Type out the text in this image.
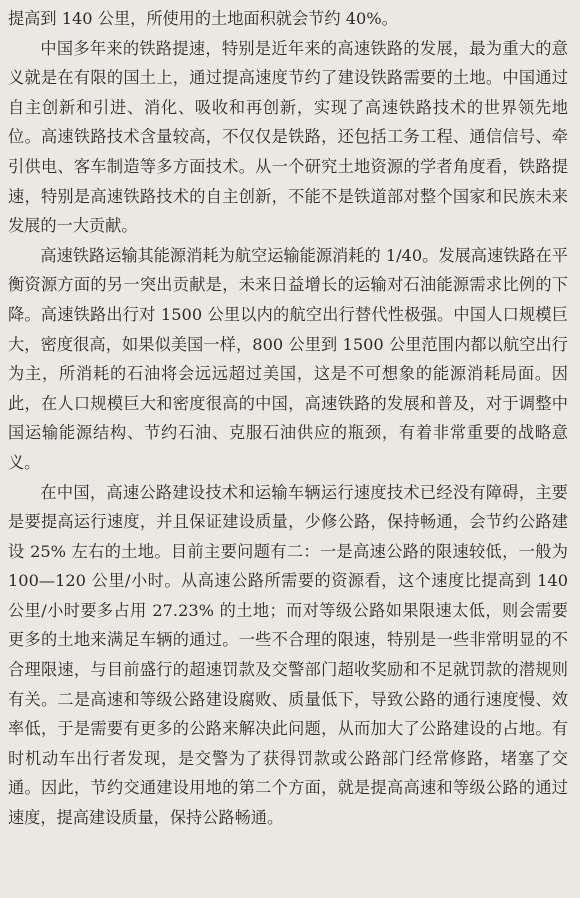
提高到 140 公里，所使用的土地面积就会节约 40%。

中国多年来的铁路提速，特别是近年来的高速铁路的发展，最为重大的意义就是在有限的国土上，通过提高速度节约了建设铁路需要的土地。中国通过自主创新和引进、消化、吸收和再创新，实现了高速铁路技术的世界领先地位。高速铁路技术含量较高，不仅仅是铁路，还包括工务工程、通信信号、牵引供电、客车制造等多方面技术。从一个研究土地资源的学者角度看，铁路提速，特别是高速铁路技术的自主创新，不能不是铁道部对整个国家和民族未来发展的一大贡献。

高速铁路运输其能源消耗为航空运输能源消耗的 1/40。发展高速铁路在平衡资源方面的另一突出贡献是，未来日益增长的运输对石油能源需求比例的下降。高速铁路出行对 1500 公里以内的航空出行替代性极强。中国人口规模巨大，密度很高，如果似美国一样，800 公里到 1500 公里范围内都以航空出行为主，所消耗的石油将会远远超过美国，这是不可想象的能源消耗局面。因此，在人口规模巨大和密度很高的中国，高速铁路的发展和普及，对于调整中国运输能源结构、节约石油、克服石油供应的瓶颈，有着非常重要的战略意义。

在中国，高速公路建设技术和运输车辆运行速度技术已经没有障碍，主要是要提高运行速度，并且保证建设质量，少修公路，保持畅通，会节约公路建设 25% 左右的土地。目前主要问题有二：一是高速公路的限速较低，一般为 100—120 公里/小时。从高速公路所需要的资源看，这个速度比提高到 140 公里/小时要多占用 27.23% 的土地；而对等级公路如果限速太低，则会需要更多的土地来满足车辆的通过。一些不合理的限速，特别是一些非常明显的不合理限速，与目前盛行的超速罚款及交警部门超收奖励和不足就罚款的潜规则有关。二是高速和等级公路建设腐败、质量低下，导致公路的通行速度慢、效率低，于是需要有更多的公路来解决此问题，从而加大了公路建设的占地。有时机动车出行者发现，是交警为了获得罚款或公路部门经常修路，堵塞了交通。因此，节约交通建设用地的第二个方面，就是提高高速和等级公路的通过速度，提高建设质量，保持公路畅通。
